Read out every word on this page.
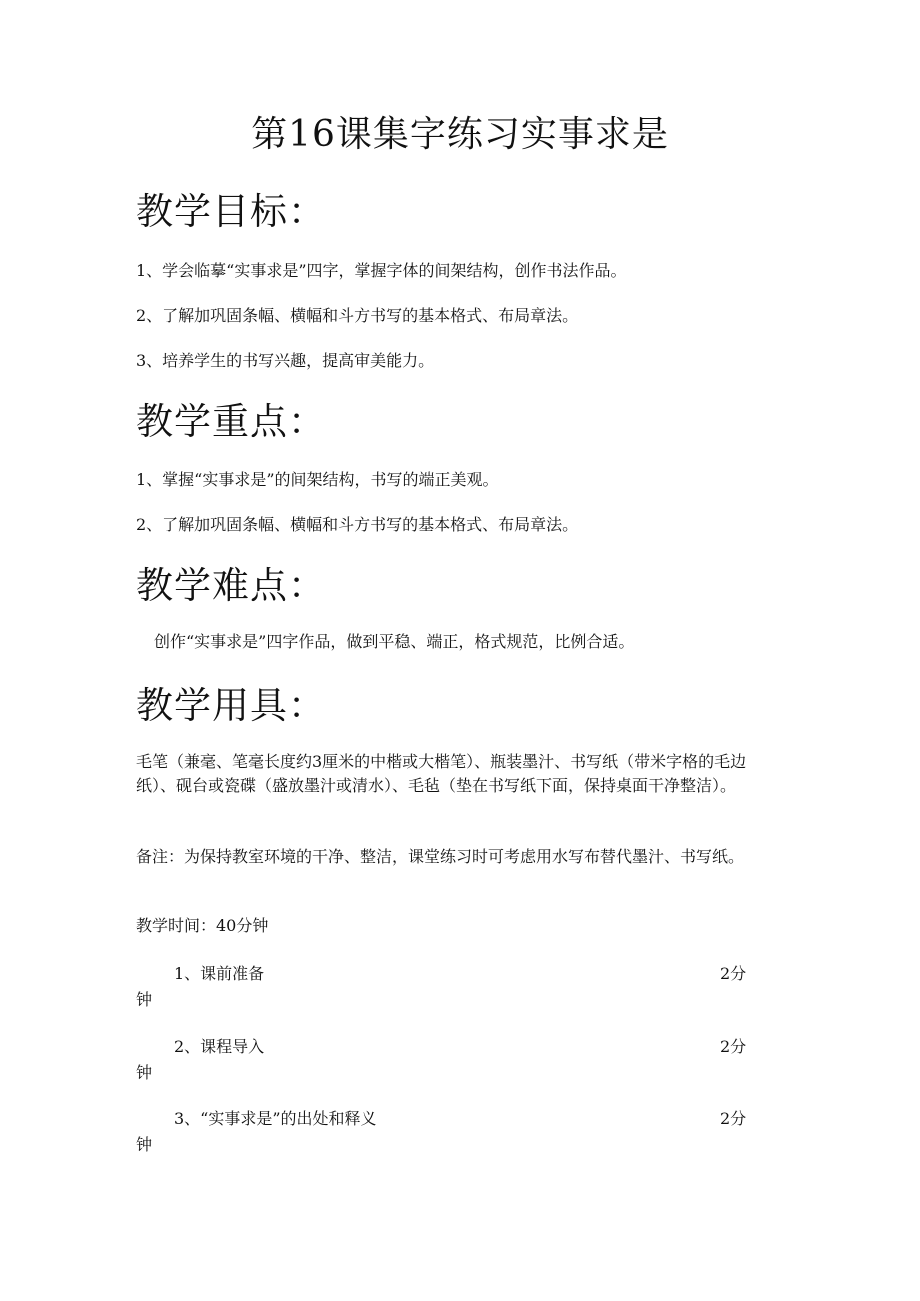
第16课集字练习实事求是
教学目标：

1、学会临摹“实事求是”四字，掌握字体的间架结构，创作书法作品。

2、了解加巩固条幅、横幅和斗方书写的基本格式、布局章法。

3、培养学生的书写兴趣，提高审美能力。

教学重点：

1、掌握“实事求是”的间架结构，书写的端正美观。

2、了解加巩固条幅、横幅和斗方书写的基本格式、布局章法。

教学难点：

创作“实事求是”四字作品，做到平稳、端正，格式规范，比例合适。

教学用具：

毛笔（兼毫、笔毫长度约3厘米的中楷或大楷笔）、瓶装墨汁、书写纸（带米字格的毛边纸）、砚台或瓷碟（盛放墨汁或清水）、毛毡（垫在书写纸下面，保持桌面干净整洁）。

备注：为保持教室环境的干净、整洁，课堂练习时可考虑用水写布替代墨汁、书写纸。

教学时间：40分钟

1、课前准备	2分
钟
2、课程导入	2分
钟
3、“实事求是”的出处和释义	2分
钟
